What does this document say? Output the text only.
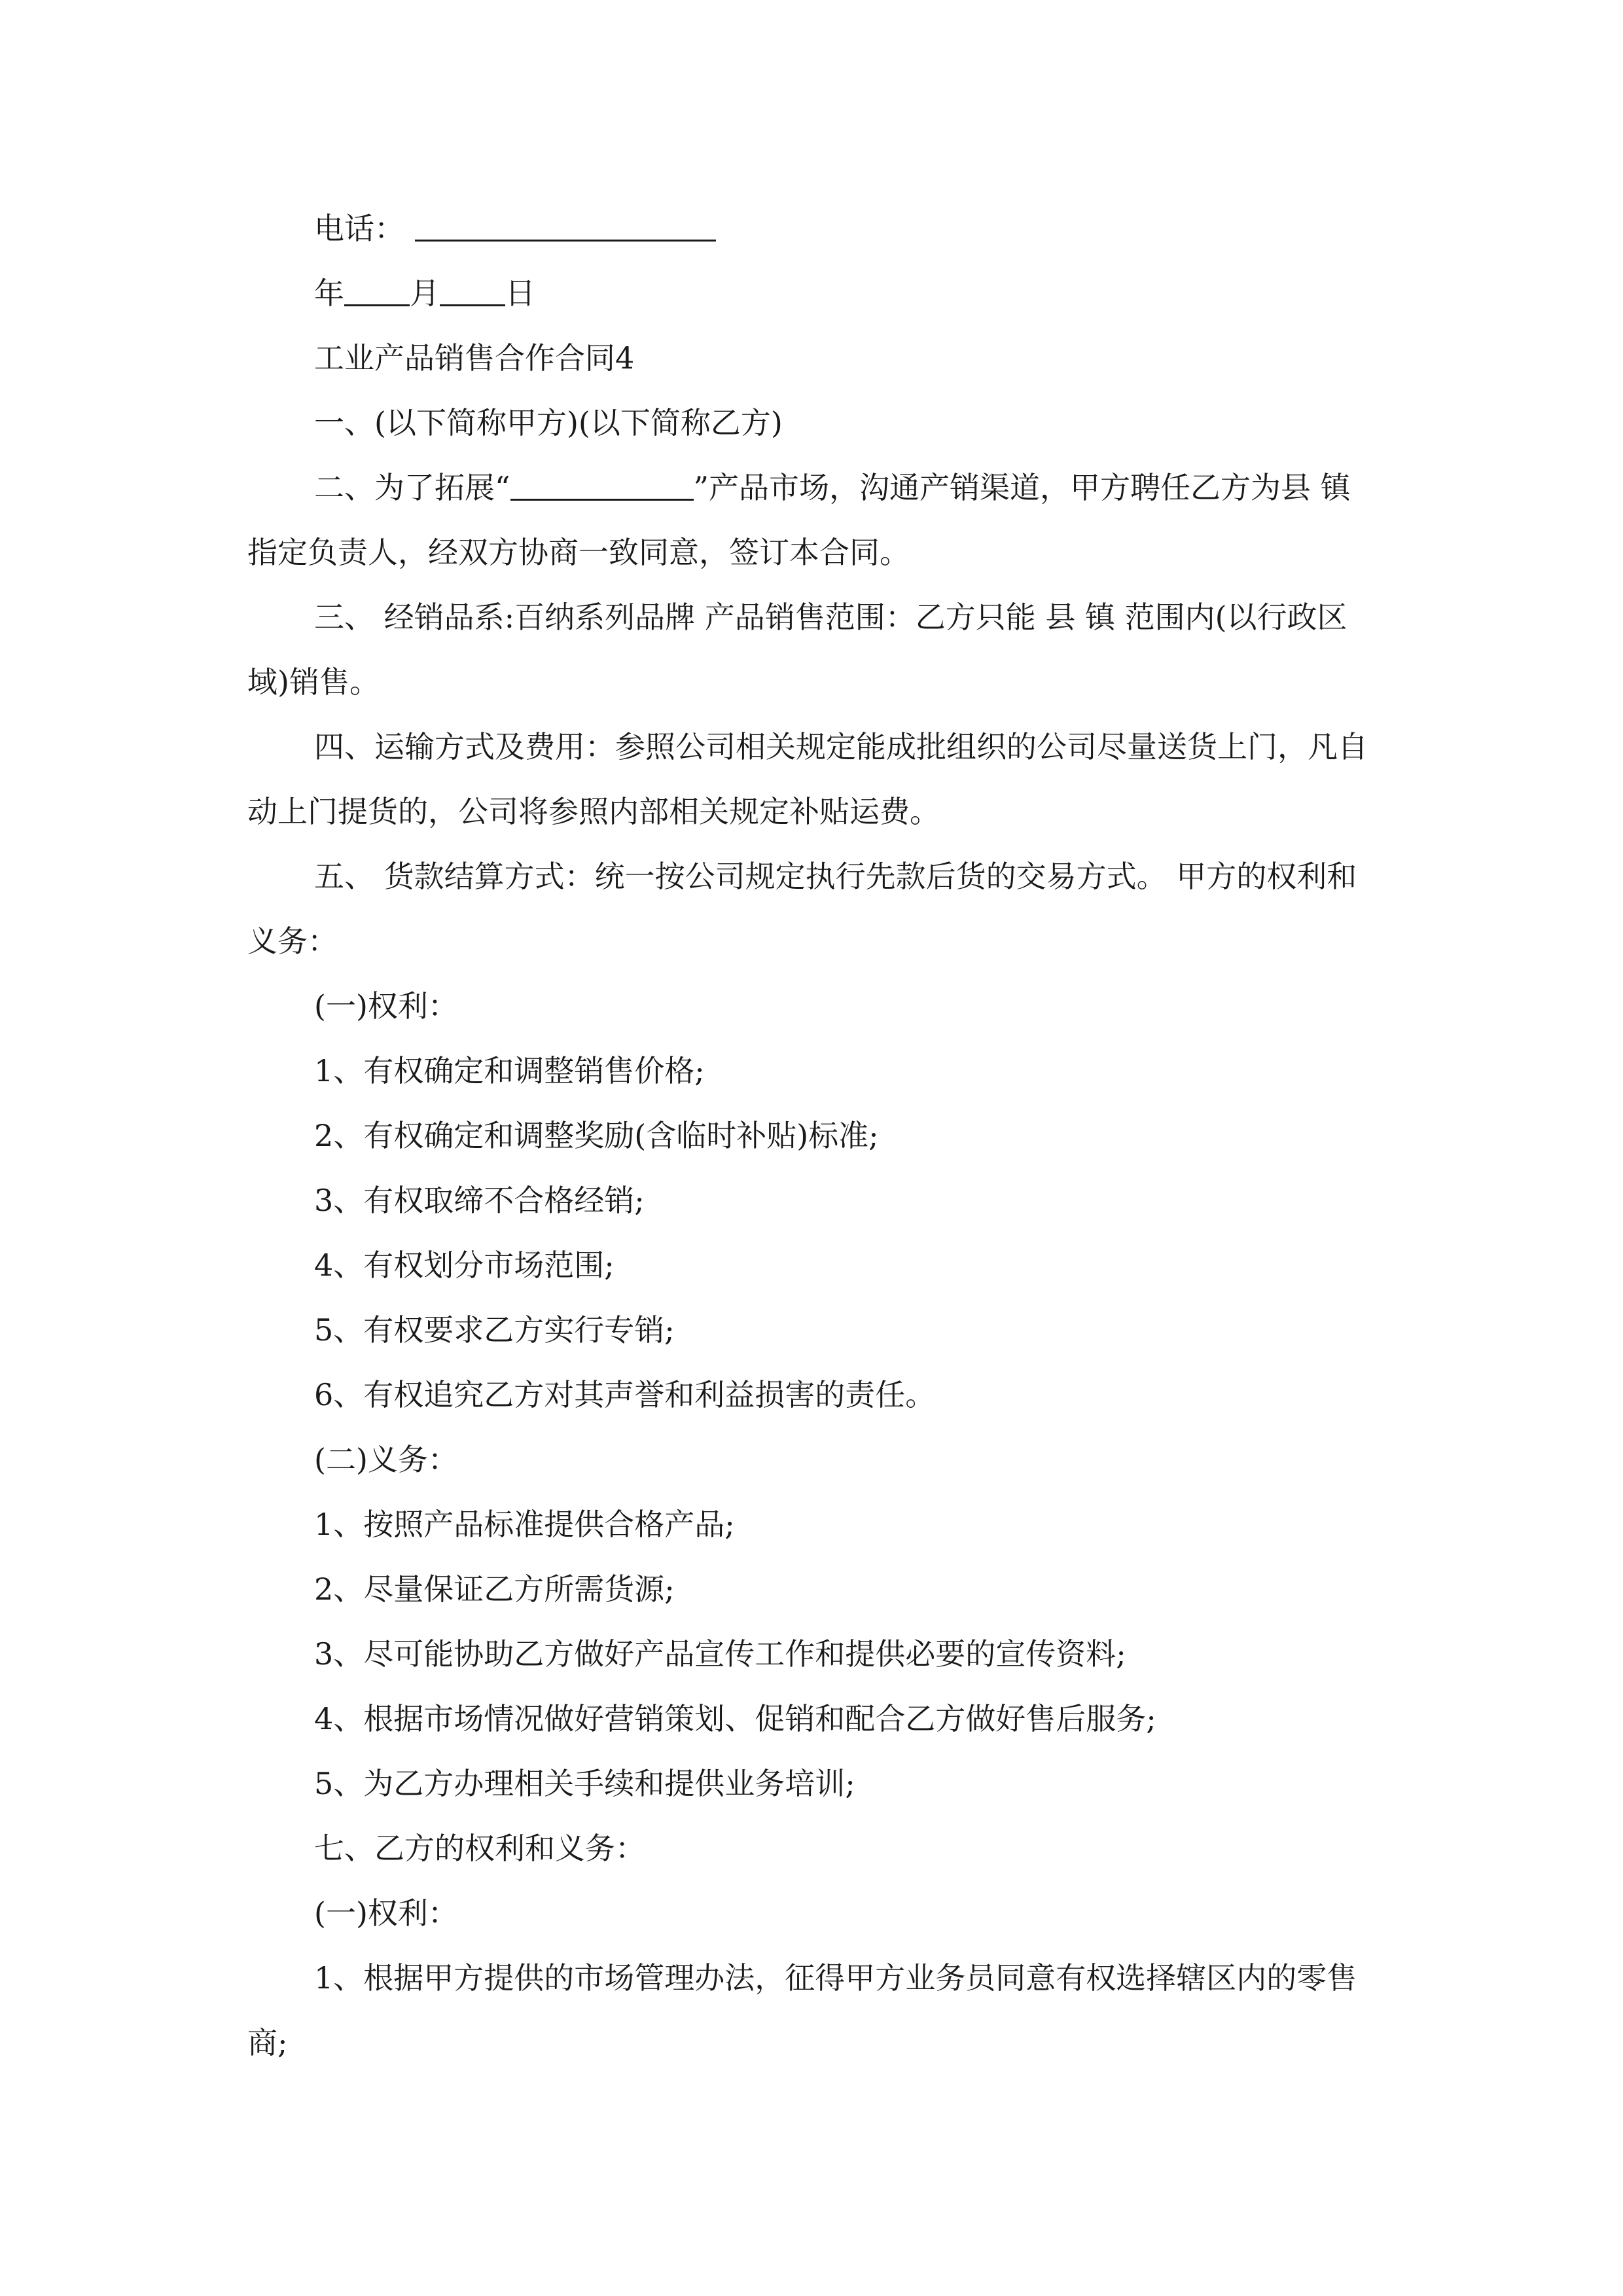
电话：

年 月 日

工业产品销售合作合同4

一、(以下简称甲方)(以下简称乙方)

二、为了拓展“	”产品市场，沟通产销渠道，甲方聘任乙方为县 镇 指定负责人，经双方协商一致同意，签订本合同。

三、 经销品系:百纳系列品牌 产品销售范围：乙方只能 县 镇 范围内(以行政区域)销售。

四、运输方式及费用：参照公司相关规定能成批组织的公司尽量送货上门，凡自动上门提货的，公司将参照内部相关规定补贴运费。

五、 货款结算方式：统一按公司规定执行先款后货的交易方式。 甲方的权利和义务：

(一)权利：

1、有权确定和调整销售价格;

2、有权确定和调整奖励(含临时补贴)标准;

3、有权取缔不合格经销;

4、有权划分市场范围;

5、有权要求乙方实行专销;

6、有权追究乙方对其声誉和利益损害的责任。

(二)义务：

1、按照产品标准提供合格产品;

2、尽量保证乙方所需货源;

3、尽可能协助乙方做好产品宣传工作和提供必要的宣传资料;

4、根据市场情况做好营销策划、促销和配合乙方做好售后服务;

5、为乙方办理相关手续和提供业务培训;

七、乙方的权利和义务：

(一)权利：

1、根据甲方提供的市场管理办法，征得甲方业务员同意有权选择辖区内的零售商;
